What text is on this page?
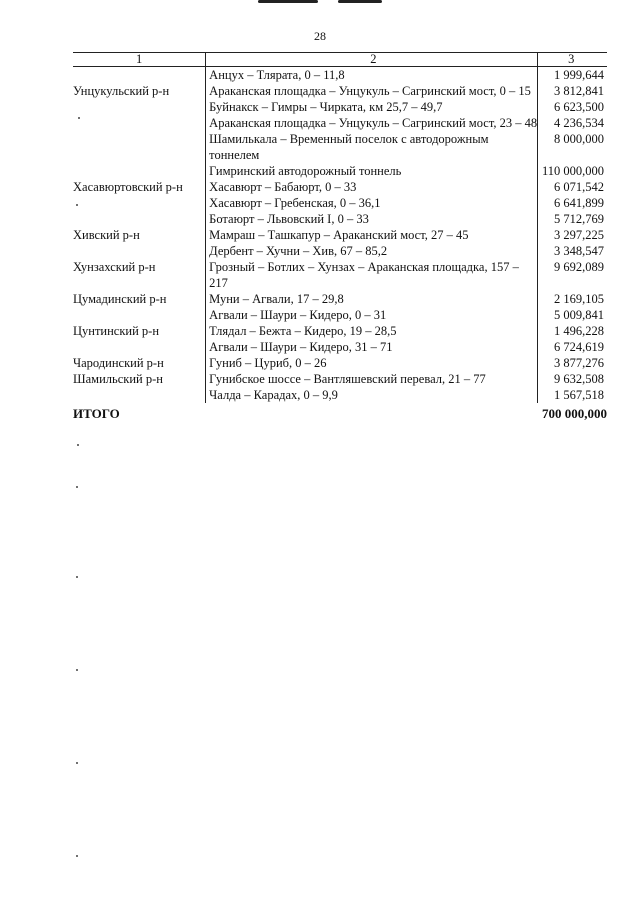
28
1	2	3
	Анцух – Тлярата, 0 – 11,8	1 999,644
Унцукульский р-н	Араканская площадка – Унцукуль – Сагринский мост, 0 – 15	3 812,841
	Буйнакск – Гимры – Чирката, км 25,7 – 49,7	6 623,500
	Араканская площадка – Унцукуль – Сагринский мост, 23 – 48	4 236,534
	Шамилькала – Временный поселок с автодорожным тоннелем	8 000,000
	Гимринский автодорожный тоннель	110 000,000
Хасавюртовский р-н	Хасавюрт – Бабаюрт, 0 – 33	6 071,542
	Хасавюрт – Гребенская, 0 – 36,1	6 641,899
	Ботаюрт – Львовский I, 0 – 33	5 712,769
Хивский р-н	Мамраш – Ташкапур – Араканский мост, 27 – 45	3 297,225
	Дербент – Хучни – Хив, 67 – 85,2	3 348,547
Хунзахский р-н	Грозный – Ботлих – Хунзах – Араканская площадка, 157 – 217	9 692,089
Цумадинский р-н	Муни – Агвали, 17 – 29,8	2 169,105
	Агвали – Шаури – Кидеро, 0 – 31	5 009,841
Цунтинский р-н	Тлядал – Бежта – Кидеро, 19 – 28,5	1 496,228
	Агвали – Шаури – Кидеро, 31 – 71	6 724,619
Чародинский р-н	Гуниб – Цуриб, 0 – 26	3 877,276
Шамильский р-н	Гунибское шоссе – Вантляшевский перевал, 21 – 77	9 632,508
	Чалда – Карадах, 0 – 9,9	1 567,518
ИТОГО		700 000,000
